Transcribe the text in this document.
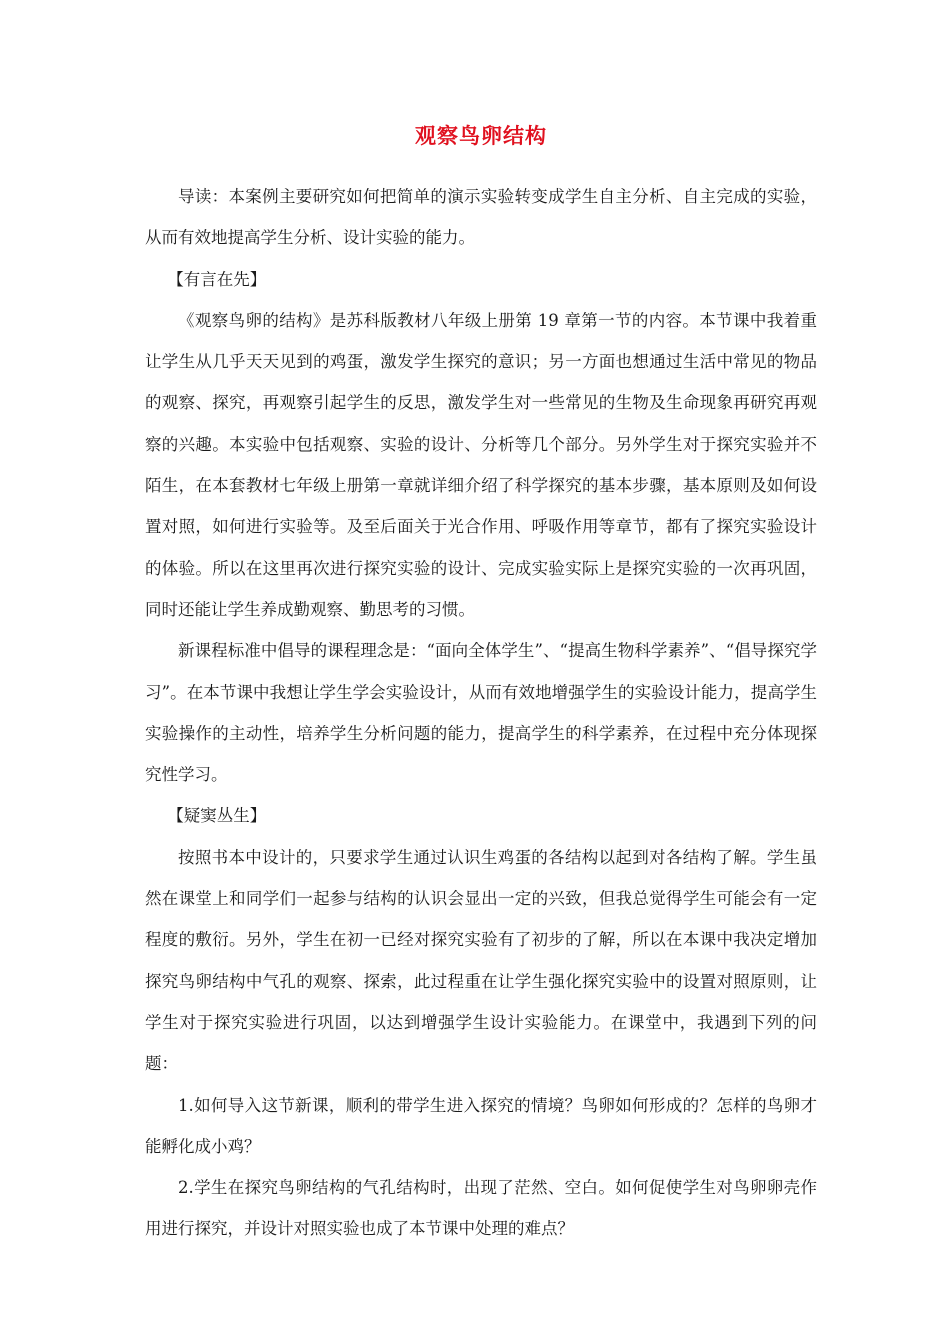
观察鸟卵结构

导读：本案例主要研究如何把简单的演示实验转变成学生自主分析、自主完成的实验，从而有效地提高学生分析、设计实验的能力。

【有言在先】

《观察鸟卵的结构》是苏科版教材八年级上册第 19 章第一节的内容。本节课中我着重让学生从几乎天天见到的鸡蛋，激发学生探究的意识；另一方面也想通过生活中常见的物品的观察、探究，再观察引起学生的反思，激发学生对一些常见的生物及生命现象再研究再观察的兴趣。本实验中包括观察、实验的设计、分析等几个部分。另外学生对于探究实验并不陌生，在本套教材七年级上册第一章就详细介绍了科学探究的基本步骤，基本原则及如何设置对照，如何进行实验等。及至后面关于光合作用、呼吸作用等章节，都有了探究实验设计的体验。所以在这里再次进行探究实验的设计、完成实验实际上是探究实验的一次再巩固，同时还能让学生养成勤观察、勤思考的习惯。

新课程标准中倡导的课程理念是：“面向全体学生”、“提高生物科学素养”、“倡导探究学习”。在本节课中我想让学生学会实验设计，从而有效地增强学生的实验设计能力，提高学生实验操作的主动性，培养学生分析问题的能力，提高学生的科学素养，在过程中充分体现探究性学习。

【疑窦丛生】

按照书本中设计的，只要求学生通过认识生鸡蛋的各结构以起到对各结构了解。学生虽然在课堂上和同学们一起参与结构的认识会显出一定的兴致，但我总觉得学生可能会有一定程度的敷衍。另外，学生在初一已经对探究实验有了初步的了解，所以在本课中我决定增加探究鸟卵结构中气孔的观察、探索，此过程重在让学生强化探究实验中的设置对照原则，让学生对于探究实验进行巩固，以达到增强学生设计实验能力。在课堂中，我遇到下列的问题：

1.如何导入这节新课，顺利的带学生进入探究的情境？鸟卵如何形成的？怎样的鸟卵才能孵化成小鸡？

2.学生在探究鸟卵结构的气孔结构时，出现了茫然、空白。如何促使学生对鸟卵卵壳作用进行探究，并设计对照实验也成了本节课中处理的难点？
